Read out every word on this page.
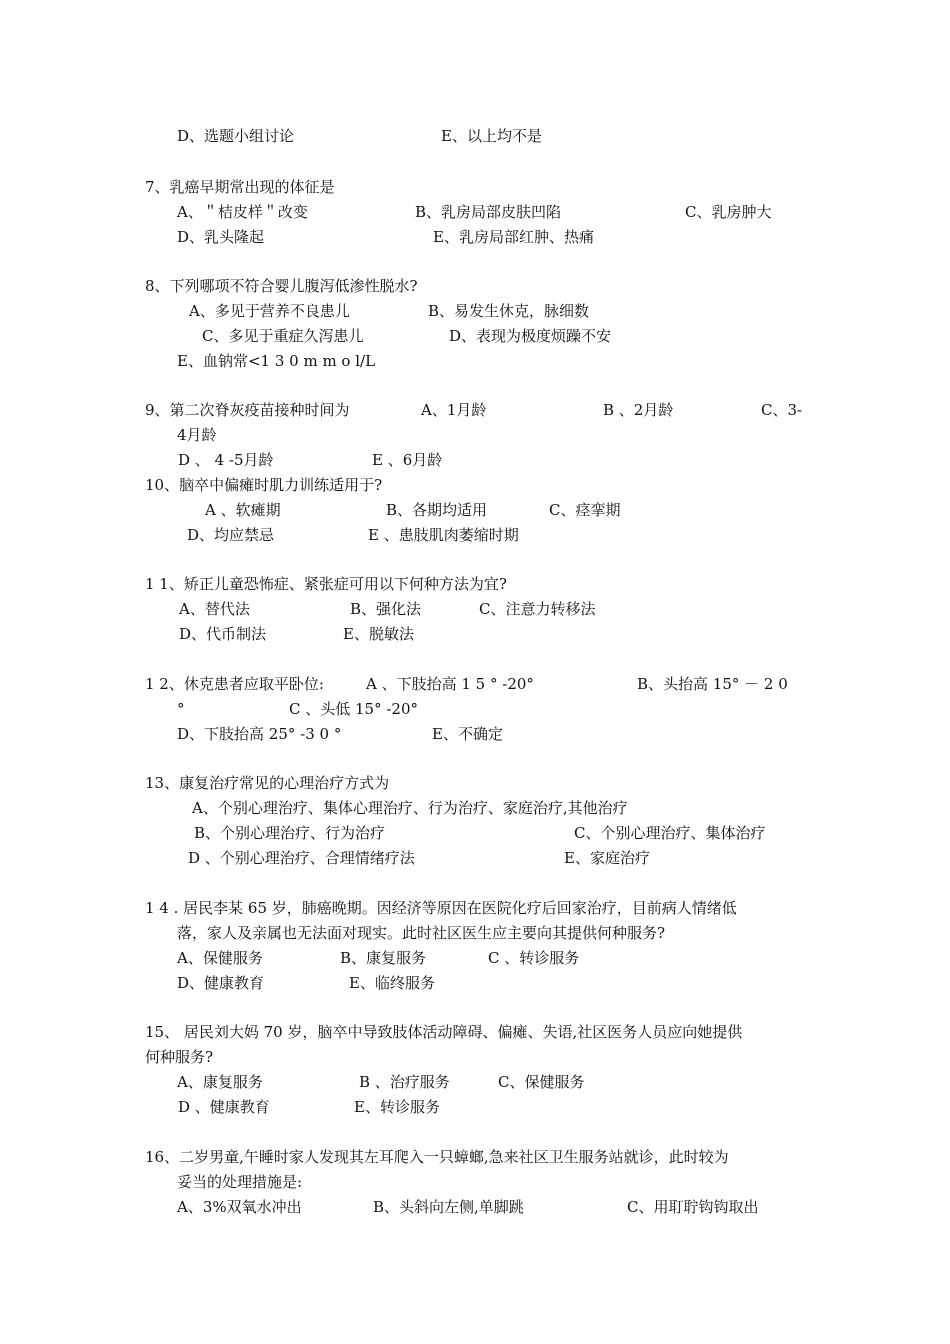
D、选题小组讨论	E、以上均不是
7、乳癌早期常出现的体征是
A、＂桔皮样＂改变	B、乳房局部皮肤凹陷	C、乳房肿大
D、乳头隆起	E、乳房局部红肿、热痛
8、下列哪项不符合婴儿腹泻低渗性脱水?
A、多见于营养不良患儿	B、易发生休克，脉细数
C、多见于重症久泻患儿	D、表现为极度烦躁不安
E、血钠常<1 3 0 m m o l/L
9、第二次脊灰疫苗接种时间为	A、1月龄	B 、2月龄	C、3-
4月龄
D 、 4 -5月龄	E 、6月龄
10、脑卒中偏瘫时肌力训练适用于?
A 、软瘫期	B、各期均适用	C、痉挛期
D、均应禁忌	E 、患肢肌肉萎缩时期
1 1、矫正儿童恐怖症、紧张症可用以下何种方法为宜?
A、替代法	B、强化法	C、注意力转移法
D、代币制法	E、脱敏法
1 2、休克患者应取平卧位:	A 、下肢抬高 1 5 ° -20°	B、头抬高 15° － 2 0
°	C 、头低 15° -20°
D、下肢抬高 25° -3 0 °	E、不确定
13、康复治疗常见的心理治疗方式为
A、个别心理治疗、集体心理治疗、行为治疗、家庭治疗,其他治疗
B、个别心理治疗、行为治疗	C、个别心理治疗、集体治疗
D 、个别心理治疗、合理情绪疗法	E、家庭治疗
1 4 . 居民李某 65 岁，肺癌晚期。因经济等原因在医院化疗后回家治疗，目前病人情绪低
落，家人及亲属也无法面对现实。此时社区医生应主要向其提供何种服务?
A、保健服务	B、康复服务	C 、转诊服务
D、健康教育	E、临终服务
15、 居民刘大妈 70 岁，脑卒中导致肢体活动障碍、偏瘫、失语,社区医务人员应向她提供
何种服务?
A、康复服务	B 、治疗服务	C、保健服务
D 、健康教育	E、转诊服务
16、二岁男童,午睡时家人发现其左耳爬入一只蟑螂,急来社区卫生服务站就诊，此时较为
妥当的处理措施是:
A、3%双氧水冲出	B、头斜向左侧,单脚跳	C、用耵聍钩钩取出
